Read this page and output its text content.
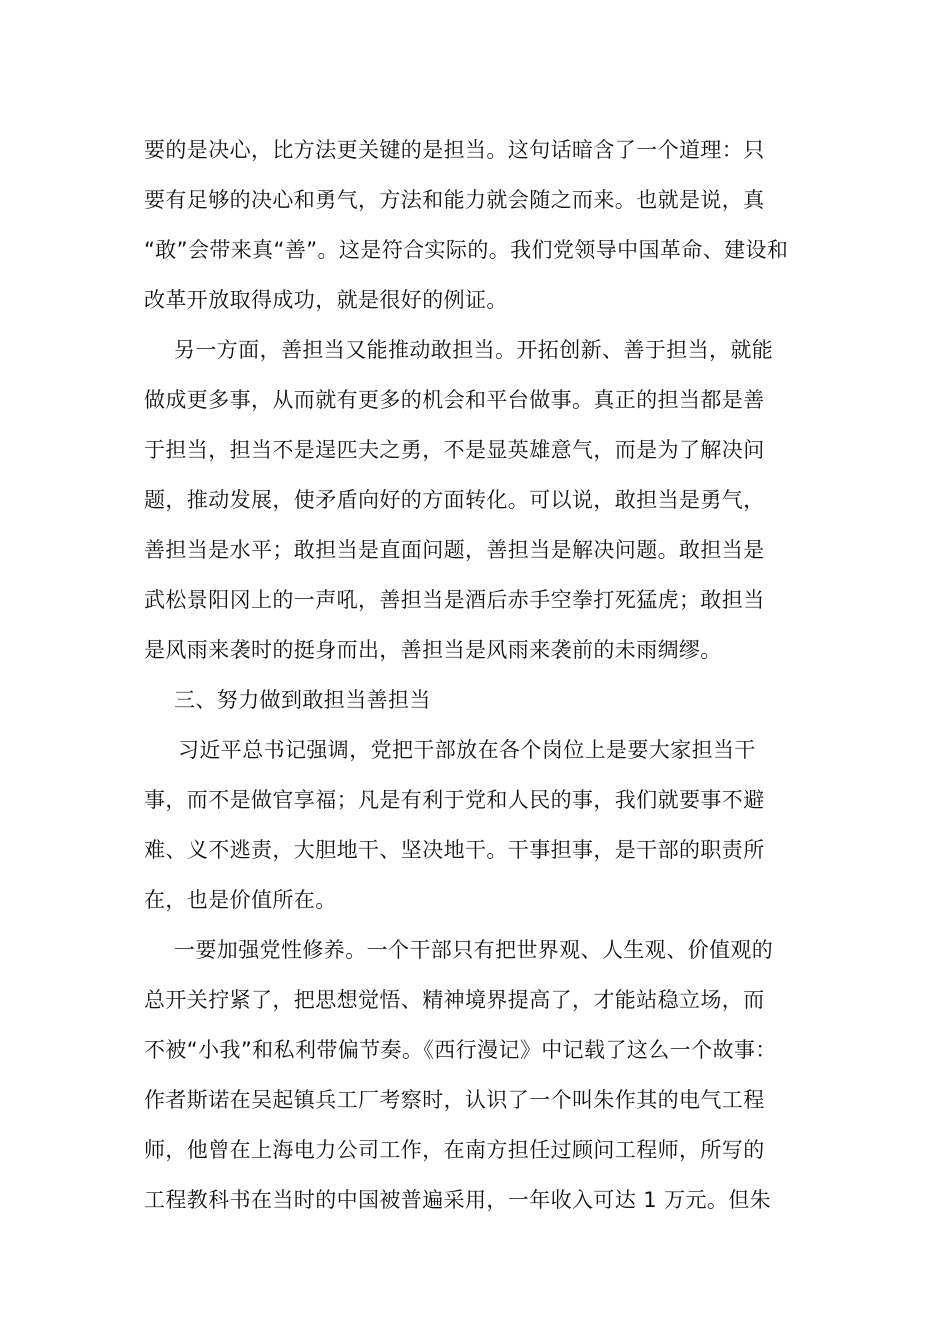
要的是决心，比方法更关键的是担当。这句话暗含了一个道理：只
要有足够的决心和勇气，方法和能力就会随之而来。也就是说，真
“敢”会带来真“善”。这是符合实际的。我们党领导中国革命、建设和
改革开放取得成功，就是很好的例证。
另一方面，善担当又能推动敢担当。开拓创新、善于担当，就能
做成更多事，从而就有更多的机会和平台做事。真正的担当都是善
于担当，担当不是逞匹夫之勇，不是显英雄意气，而是为了解决问
题，推动发展，使矛盾向好的方面转化。可以说，敢担当是勇气，
善担当是水平；敢担当是直面问题，善担当是解决问题。敢担当是
武松景阳冈上的一声吼，善担当是酒后赤手空拳打死猛虎；敢担当
是风雨来袭时的挺身而出，善担当是风雨来袭前的未雨绸缪。
三、努力做到敢担当善担当
习近平总书记强调，党把干部放在各个岗位上是要大家担当干
事，而不是做官享福；凡是有利于党和人民的事，我们就要事不避
难、义不逃责，大胆地干、坚决地干。干事担事，是干部的职责所
在，也是价值所在。
一要加强党性修养。一个干部只有把世界观、人生观、价值观的
总开关拧紧了，把思想觉悟、精神境界提高了，才能站稳立场，而
不被“小我”和私利带偏节奏。《西行漫记》中记载了这么一个故事：
作者斯诺在吴起镇兵工厂考察时，认识了一个叫朱作其的电气工程
师，他曾在上海电力公司工作，在南方担任过顾问工程师，所写的
工程教科书在当时的中国被普遍采用，一年收入可达 1 万元。但朱
